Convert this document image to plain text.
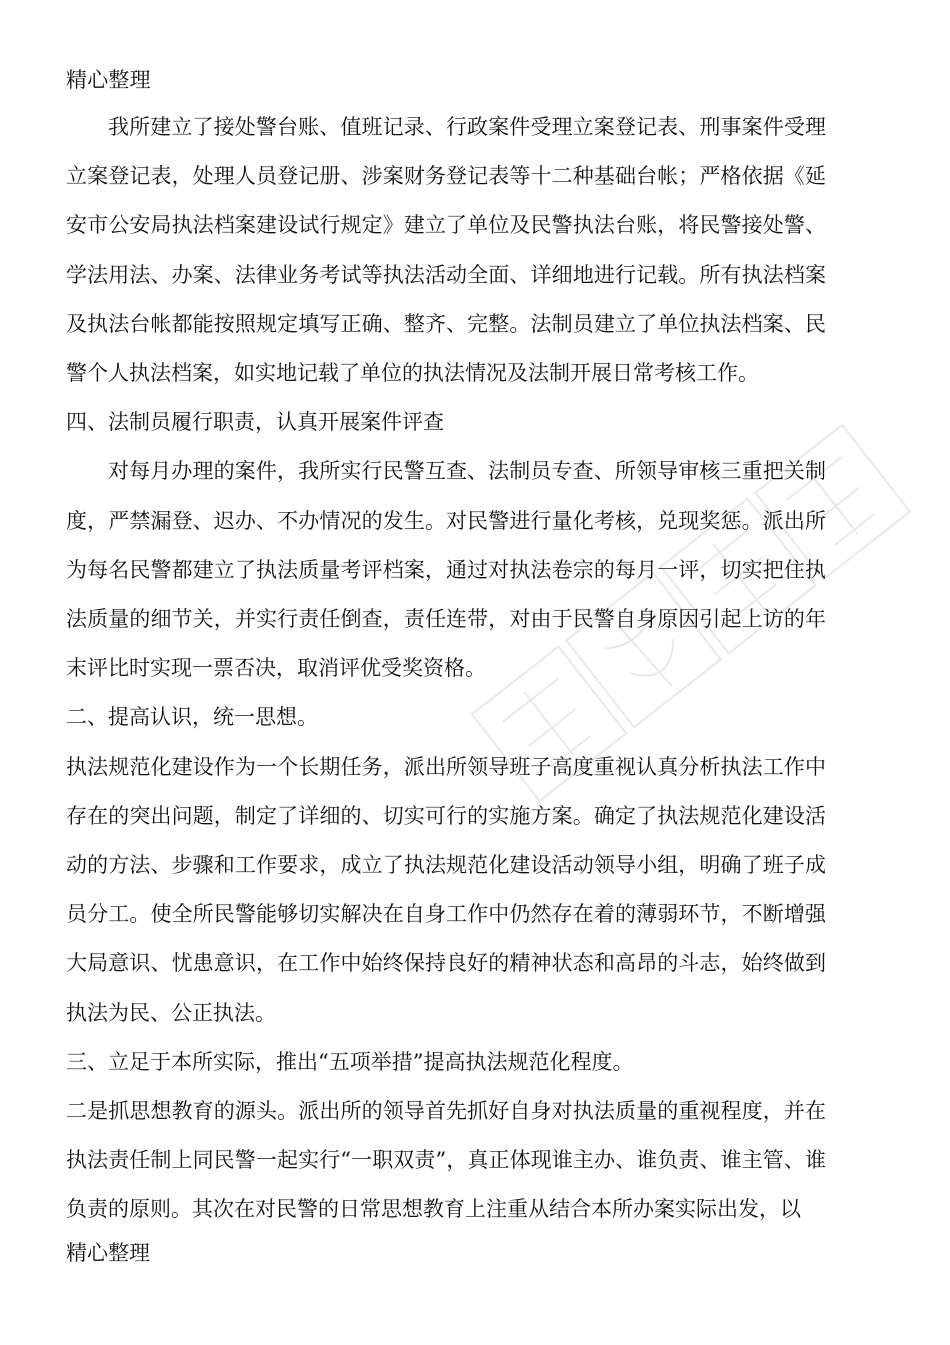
精心整理

我所建立了接处警台账、值班记录、行政案件受理立案登记表、刑事案件受理立案登记表，处理人员登记册、涉案财务登记表等十二种基础台帐；严格依据《延安市公安局执法档案建设试行规定》建立了单位及民警执法台账，将民警接处警、学法用法、办案、法律业务考试等执法活动全面、详细地进行记载。所有执法档案及执法台帐都能按照规定填写正确、整齐、完整。法制员建立了单位执法档案、民警个人执法档案，如实地记载了单位的执法情况及法制开展日常考核工作。

四、法制员履行职责，认真开展案件评查

对每月办理的案件，我所实行民警互查、法制员专查、所领导审核三重把关制度，严禁漏登、迟办、不办情况的发生。对民警进行量化考核，兑现奖惩。派出所为每名民警都建立了执法质量考评档案，通过对执法卷宗的每月一评，切实把住执法质量的细节关，并实行责任倒查，责任连带，对由于民警自身原因引起上访的年末评比时实现一票否决，取消评优受奖资格。

二、提高认识，统一思想。

执法规范化建设作为一个长期任务，派出所领导班子高度重视认真分析执法工作中存在的突出问题，制定了详细的、切实可行的实施方案。确定了执法规范化建设活动的方法、步骤和工作要求，成立了执法规范化建设活动领导小组，明确了班子成员分工。使全所民警能够切实解决在自身工作中仍然存在着的薄弱环节，不断增强大局意识、忧患意识，在工作中始终保持良好的精神状态和高昂的斗志，始终做到执法为民、公正执法。

三、立足于本所实际，推出“五项举措”提高执法规范化程度。

二是抓思想教育的源头。派出所的领导首先抓好自身对执法质量的重视程度，并在执法责任制上同民警一起实行“一职双责”，真正体现谁主办、谁负责、谁主管、谁负责的原则。其次在对民警的日常思想教育上注重从结合本所办案实际出发，以

精心整理
